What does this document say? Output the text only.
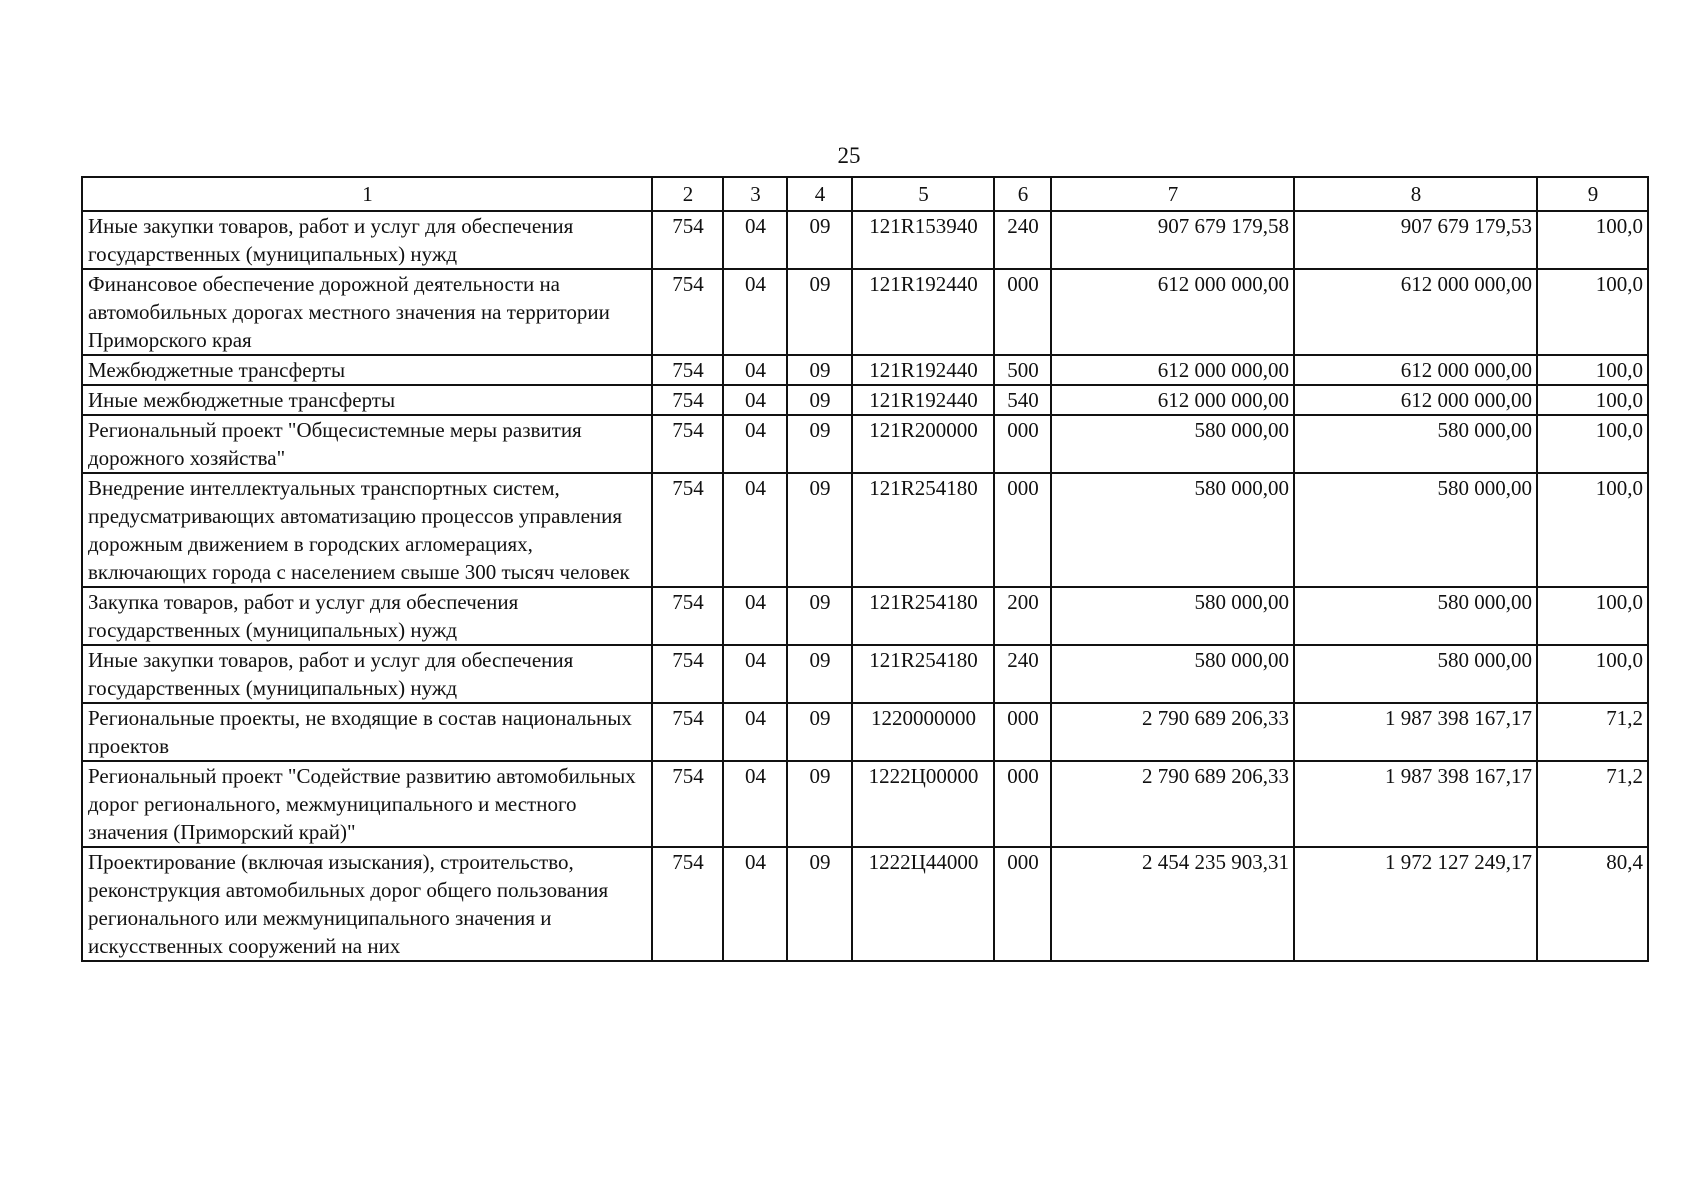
25
1	2	3	4	5	6	7	8	9
Иные закупки товаров, работ и услуг для обеспечения государственных (муниципальных) нужд	754	04	09	121R153940	240	907 679 179,58	907 679 179,53	100,0
Финансовое обеспечение дорожной деятельности на автомобильных дорогах местного значения на территории Приморского края	754	04	09	121R192440	000	612 000 000,00	612 000 000,00	100,0
Межбюджетные трансферты	754	04	09	121R192440	500	612 000 000,00	612 000 000,00	100,0
Иные межбюджетные трансферты	754	04	09	121R192440	540	612 000 000,00	612 000 000,00	100,0
Региональный проект "Общесистемные меры развития дорожного хозяйства"	754	04	09	121R200000	000	580 000,00	580 000,00	100,0
Внедрение интеллектуальных транспортных систем, предусматривающих автоматизацию процессов управления дорожным движением в городских агломерациях, включающих города с населением свыше 300 тысяч человек	754	04	09	121R254180	000	580 000,00	580 000,00	100,0
Закупка товаров, работ и услуг для обеспечения государственных (муниципальных) нужд	754	04	09	121R254180	200	580 000,00	580 000,00	100,0
Иные закупки товаров, работ и услуг для обеспечения государственных (муниципальных) нужд	754	04	09	121R254180	240	580 000,00	580 000,00	100,0
Региональные проекты, не входящие в состав национальных проектов	754	04	09	1220000000	000	2 790 689 206,33	1 987 398 167,17	71,2
Региональный проект "Содействие развитию автомобильных дорог регионального, межмуниципального и местного значения (Приморский край)"	754	04	09	1222Ц00000	000	2 790 689 206,33	1 987 398 167,17	71,2
Проектирование (включая изыскания), строительство, реконструкция автомобильных дорог общего пользования регионального или межмуниципального значения и искусственных сооружений на них	754	04	09	1222Ц44000	000	2 454 235 903,31	1 972 127 249,17	80,4
